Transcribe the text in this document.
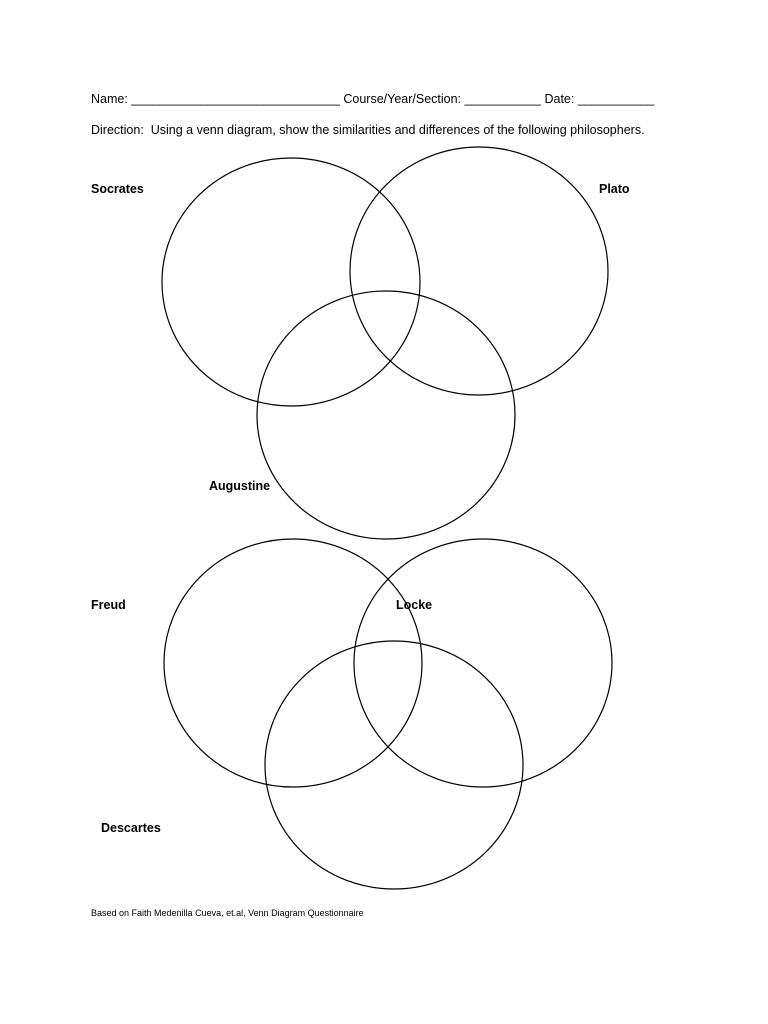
Name: ______________________________ Course/Year/Section: ___________ Date: ___________
Direction: Using a venn diagram, show the similarities and differences of the following philosophers.
Socrates	Plato
Augustine
Freud	Locke
Descartes
Based on Faith Medenilla Cueva, et.al, Venn Diagram Questionnaire
